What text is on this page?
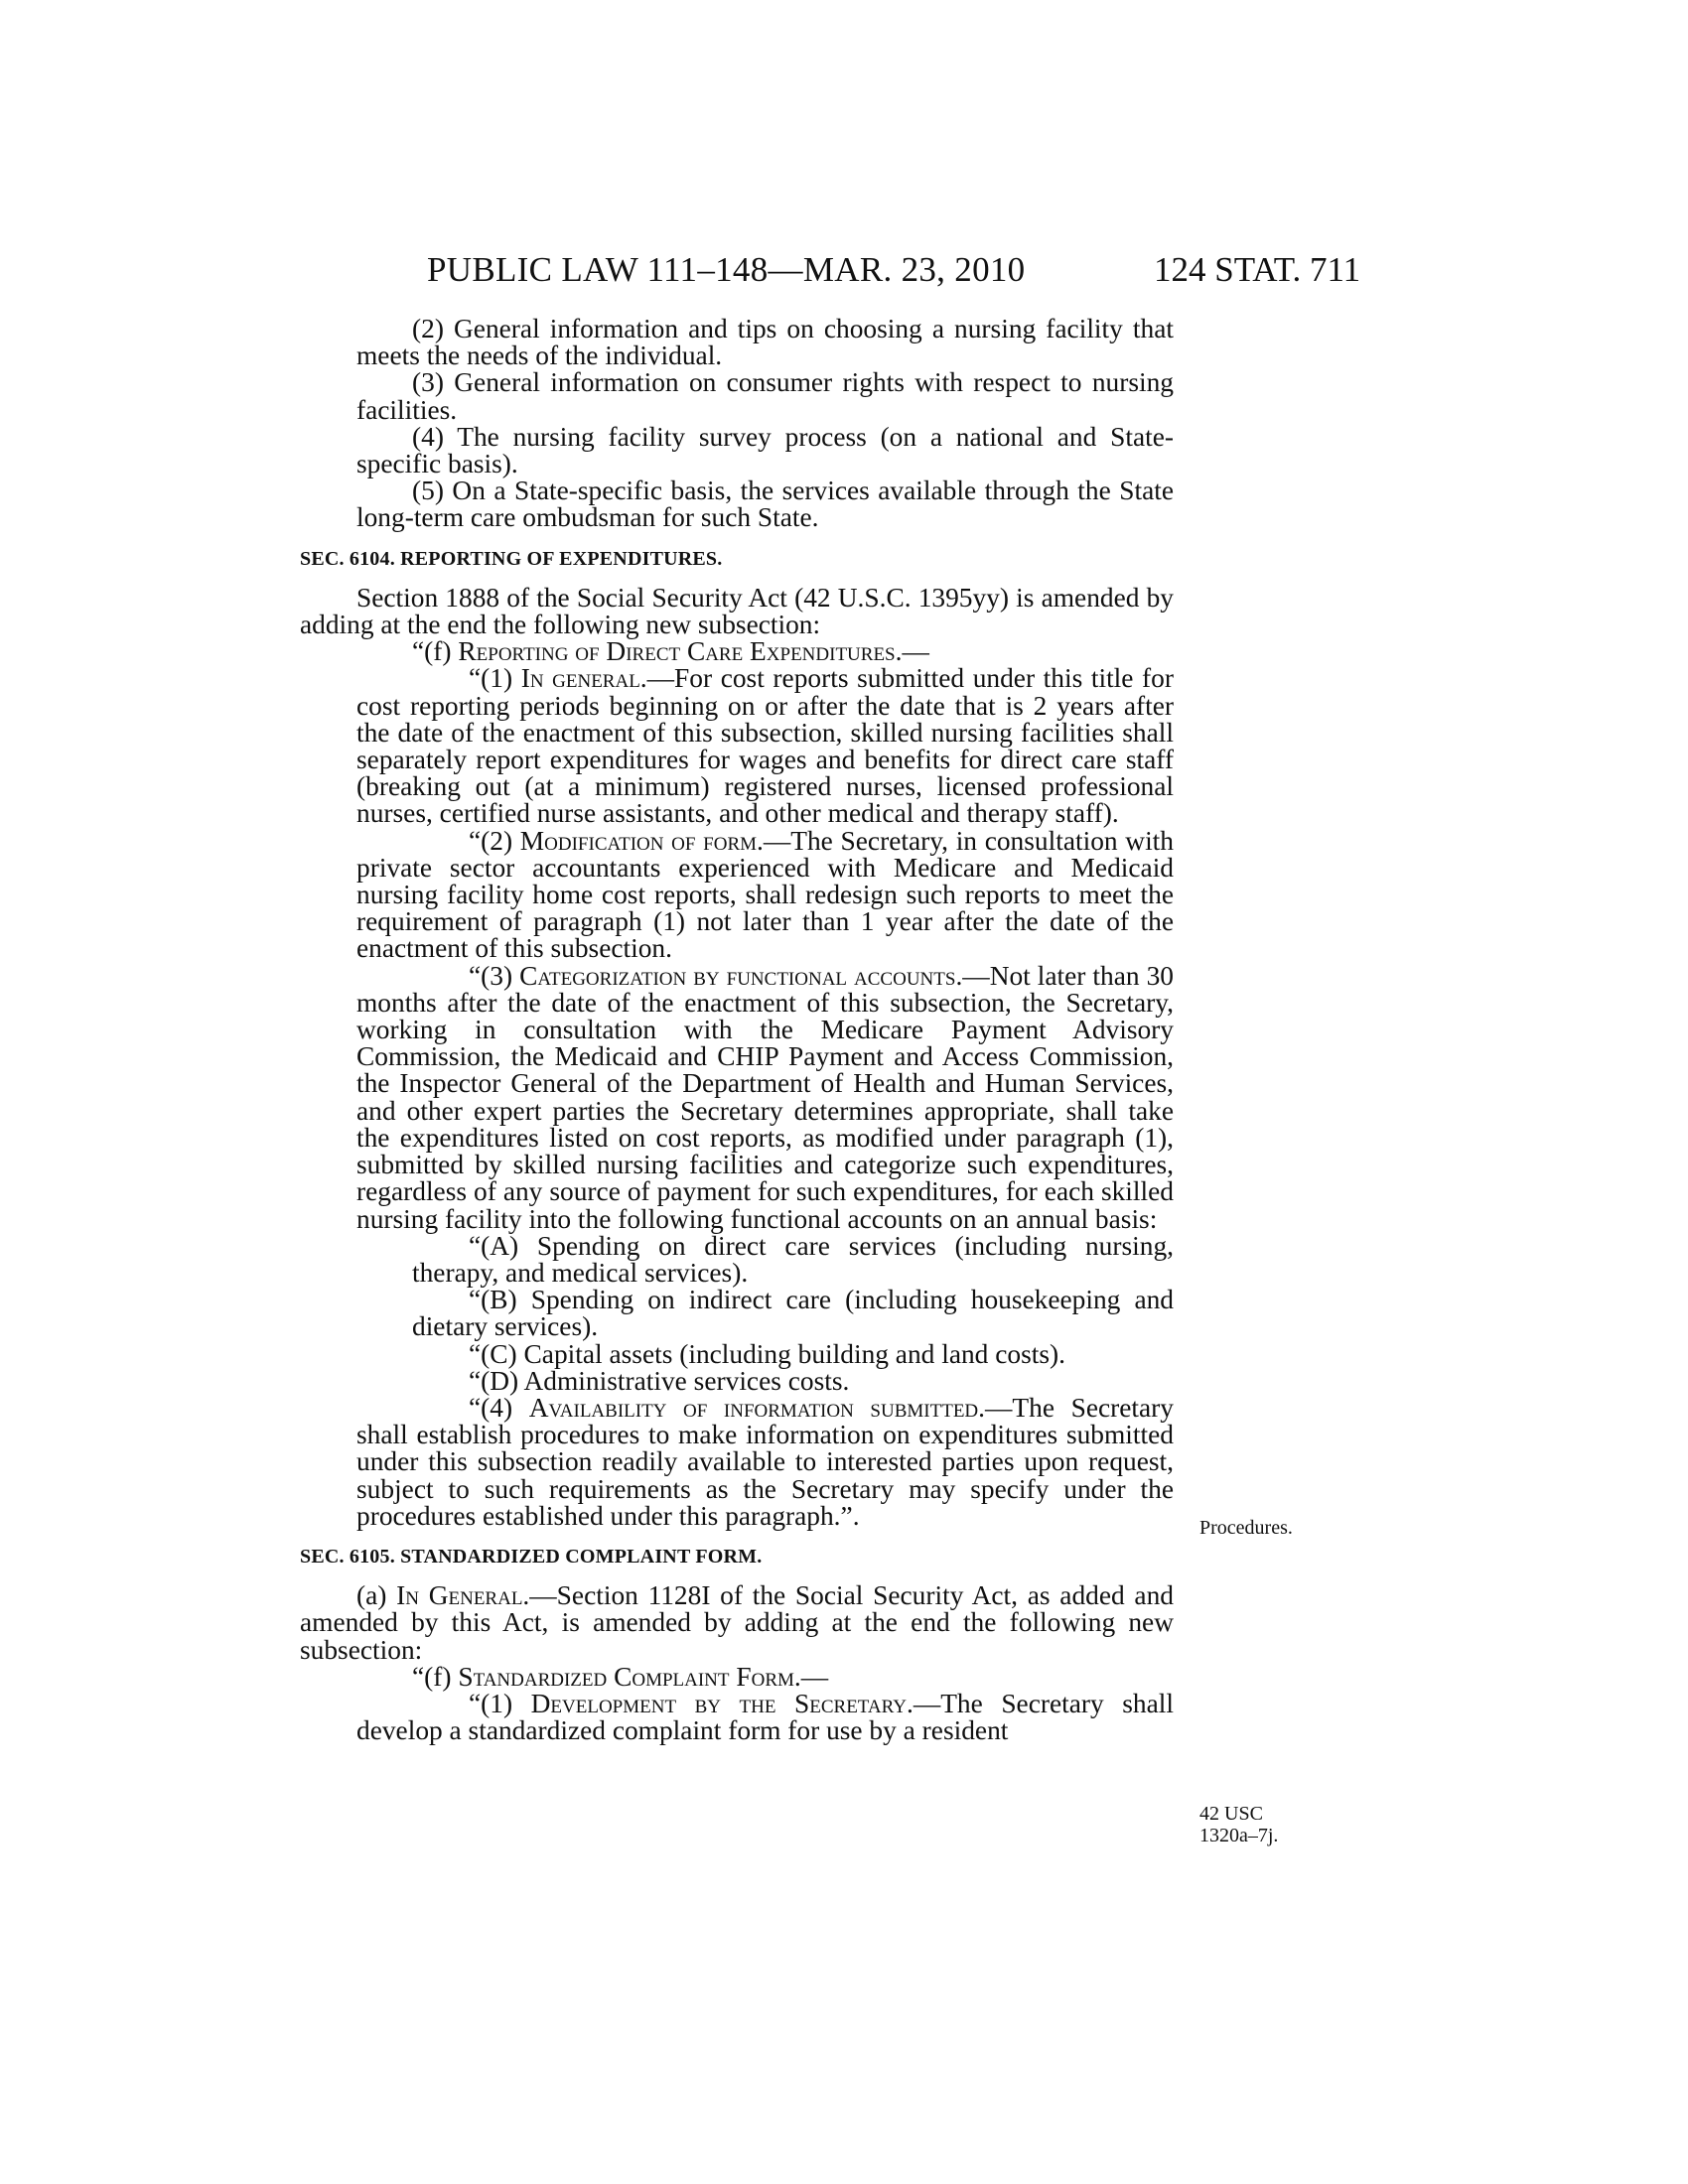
PUBLIC LAW 111–148—MAR. 23, 2010	124 STAT. 711

(2) General information and tips on choosing a nursing facility that meets the needs of the individual.

(3) General information on consumer rights with respect to nursing facilities.

(4) The nursing facility survey process (on a national and State-specific basis).

(5) On a State-specific basis, the services available through the State long-term care ombudsman for such State.

SEC. 6104. REPORTING OF EXPENDITURES.

Section 1888 of the Social Security Act (42 U.S.C. 1395yy) is amended by adding at the end the following new subsection:

“(f) Reporting of Direct Care Expenditures.—

“(1) In general.—For cost reports submitted under this title for cost reporting periods beginning on or after the date that is 2 years after the date of the enactment of this subsection, skilled nursing facilities shall separately report expenditures for wages and benefits for direct care staff (breaking out (at a minimum) registered nurses, licensed professional nurses, certified nurse assistants, and other medical and therapy staff).

“(2) Modification of form.—The Secretary, in consultation with private sector accountants experienced with Medicare and Medicaid nursing facility home cost reports, shall redesign such reports to meet the requirement of paragraph (1) not later than 1 year after the date of the enactment of this subsection.

“(3) Categorization by functional accounts.—Not later than 30 months after the date of the enactment of this subsection, the Secretary, working in consultation with the Medicare Payment Advisory Commission, the Medicaid and CHIP Payment and Access Commission, the Inspector General of the Department of Health and Human Services, and other expert parties the Secretary determines appropriate, shall take the expenditures listed on cost reports, as modified under paragraph (1), submitted by skilled nursing facilities and categorize such expenditures, regardless of any source of payment for such expenditures, for each skilled nursing facility into the following functional accounts on an annual basis:

“(A) Spending on direct care services (including nursing, therapy, and medical services).

“(B) Spending on indirect care (including housekeeping and dietary services).

“(C) Capital assets (including building and land costs).

“(D) Administrative services costs.

“(4) Availability of information submitted.—The Secretary shall establish procedures to make information on expenditures submitted under this subsection readily available to interested parties upon request, subject to such requirements as the Secretary may specify under the procedures established under this paragraph.”.

SEC. 6105. STANDARDIZED COMPLAINT FORM.

(a) In General.—Section 1128I of the Social Security Act, as added and amended by this Act, is amended by adding at the end the following new subsection:

“(f) Standardized Complaint Form.—

“(1) Development by the Secretary.—The Secretary shall develop a standardized complaint form for use by a resident

Procedures.
42 USC
1320a–7j.
